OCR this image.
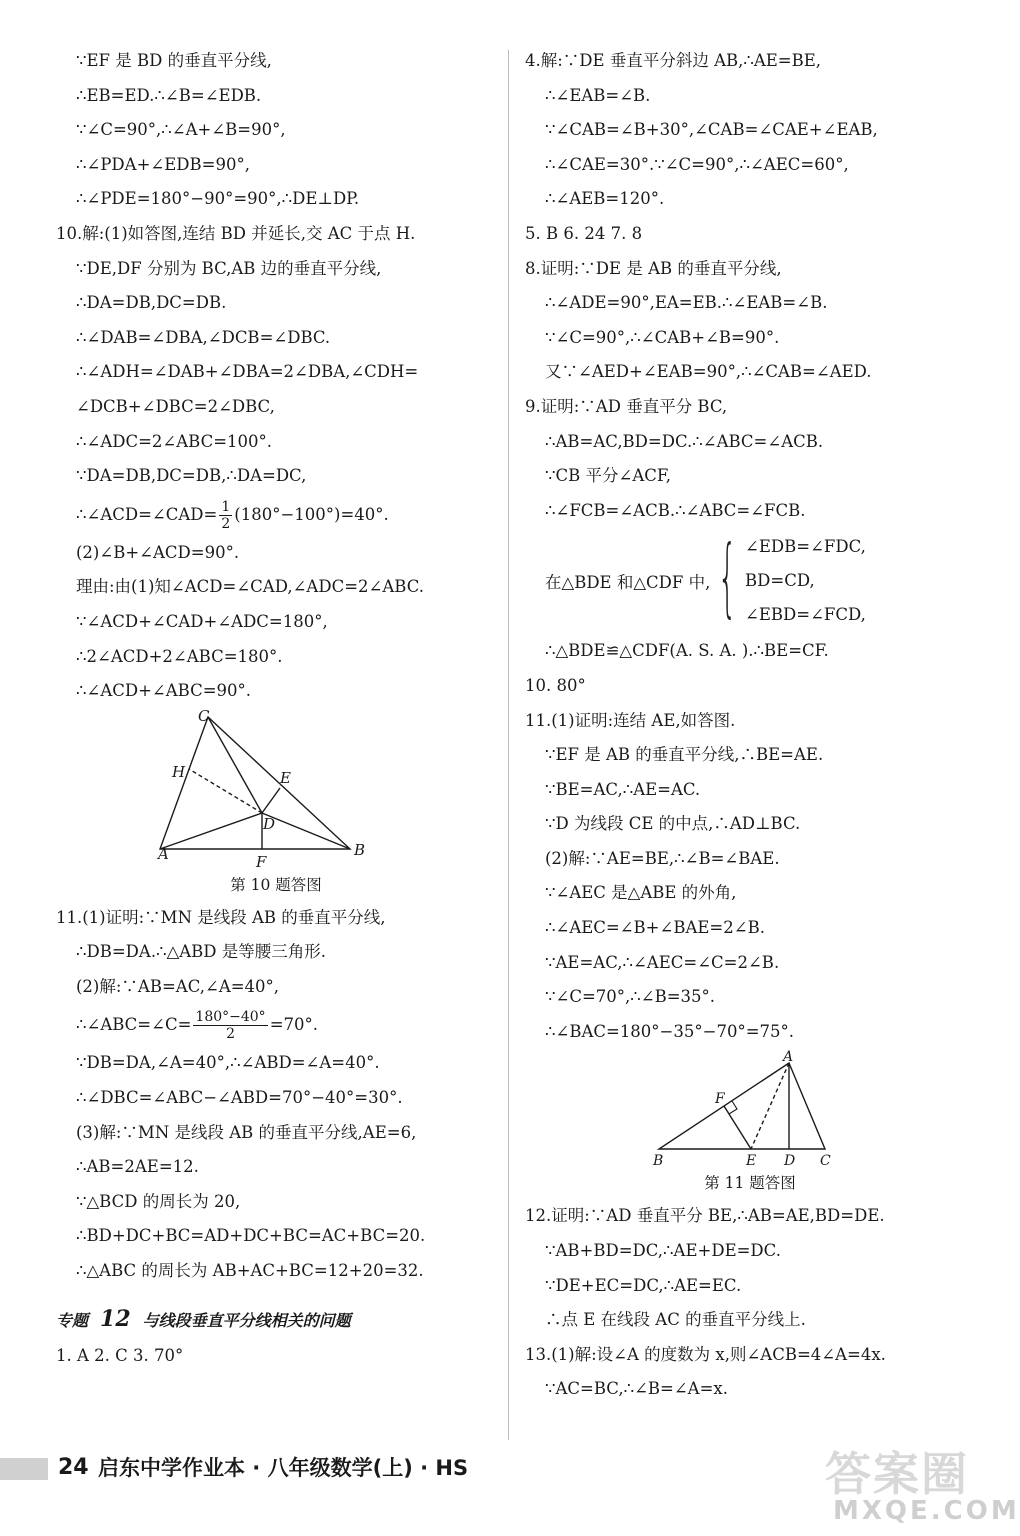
∵EF 是 BD 的垂直平分线,
∴EB=ED.∴∠B=∠EDB.
∵∠C=90°,∴∠A+∠B=90°,
∴∠PDA+∠EDB=90°,
∴∠PDE=180°−90°=90°,∴DE⊥DP.
10.解:(1)如答图,连结 BD 并延长,交 AC 于点 H.
∵DE,DF 分别为 BC,AB 边的垂直平分线,
∴DA=DB,DC=DB.
∴∠DAB=∠DBA,∠DCB=∠DBC.
∴∠ADH=∠DAB+∠DBA=2∠DBA,∠CDH=
∠DCB+∠DBC=2∠DBC,
∴∠ADC=2∠ABC=100°.
∵DA=DB,DC=DB,∴DA=DC,
∴∠ACD=∠CAD= $\frac{1}{2} (180^\circ-100^\circ)=40^\circ$.
(2)∠B+∠ACD=90°.
理由:由(1)知∠ACD=∠CAD,∠ADC=2∠ABC.
∵∠ACD+∠CAD+∠ADC=180°,
∴2∠ACD+2∠ABC=180°.
∴∠ACD+∠ABC=90°.
C
H	E
D
A	B
F
第 10 题答图
11.(1)证明:∵MN 是线段 AB 的垂直平分线,
∴DB=DA.∴△ABD 是等腰三角形.
(2)解:∵AB=AC,∠A=40°,
∴∠ABC=∠C= $\frac{180^\circ-40^\circ}{2} =70^\circ$.
∵DB=DA,∠A=40°,∴∠ABD=∠A=40°.
∴∠DBC=∠ABC−∠ABD=70°−40°=30°.
(3)解:∵MN 是线段 AB 的垂直平分线,AE=6,
∴AB=2AE=12.
∵△BCD 的周长为 20,
∴BD+DC+BC=AD+DC+BC=AC+BC=20.
∴△ABC 的周长为 AB+AC+BC=12+20=32.
专题 12 与线段垂直平分线相关的问题
1. A 2. C 3. 70°
4.解:∵DE 垂直平分斜边 AB,∴AE=BE,
∴∠EAB=∠B.
∵∠CAB=∠B+30°,∠CAB=∠CAE+∠EAB,
∴∠CAE=30°.∵∠C=90°,∴∠AEC=60°,
∴∠AEB=120°.
5. B 6. 24 7. 8
8.证明:∵DE 是 AB 的垂直平分线,
∴∠ADE=90°,EA=EB.∴∠EAB=∠B.
∵∠C=90°,∴∠CAB+∠B=90°.
又∵∠AED+∠EAB=90°,∴∠CAB=∠AED.
9.证明:∵AD 垂直平分 BC,
∴AB=AC,BD=DC.∴∠ABC=∠ACB.
∵CB 平分∠ACF,
∴∠FCB=∠ACB.∴∠ABC=∠FCB.
在△BDE 和△CDF 中, { ∠EDB=∠FDC,
BD=CD,
∠EBD=∠FCD,
∴△BDE≌△CDF(A. S. A. ).∴BE=CF.
10. 80°
11.(1)证明:连结 AE,如答图.
∵EF 是 AB 的垂直平分线,∴BE=AE.
∵BE=AC,∴AE=AC.
∵D 为线段 CE 的中点,∴AD⊥BC.
(2)解:∵AE=BE,∴∠B=∠BAE.
∵∠AEC 是△ABE 的外角,
∴∠AEC=∠B+∠BAE=2∠B.
∵AE=AC,∴∠AEC=∠C=2∠B.
∵∠C=70°,∴∠B=35°.
∴∠BAC=180°−35°−70°=75°.
A
F
B	E D C
第 11 题答图
12.证明:∵AD 垂直平分 BE,∴AB=AE,BD=DE.
∵AB+BD=DC,∴AE+DE=DC.
∵DE+EC=DC,∴AE=EC.
∴点 E 在线段 AC 的垂直平分线上.
13.(1)解:设∠A 的度数为 x,则∠ACB=4∠A=4x.
∵AC=BC,∴∠B=∠A=x.
24 启东中学作业本 · 八年级数学(上) · HS	答案圈
MXQE.COM
